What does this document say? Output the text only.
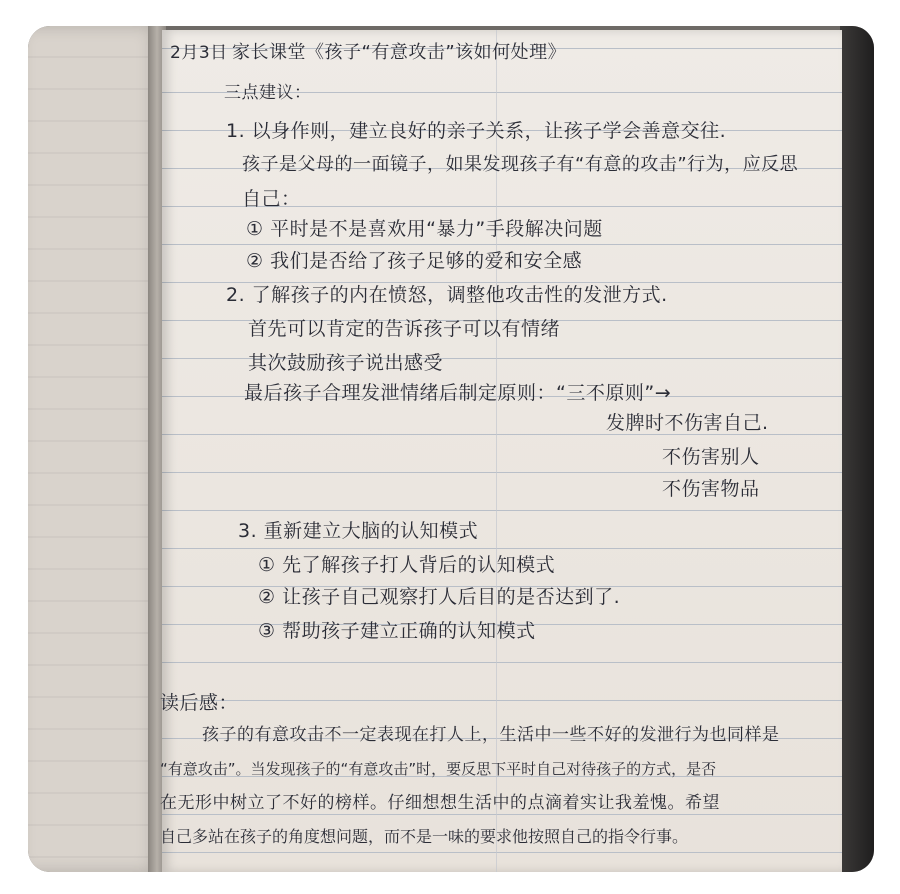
2月3日 家长课堂《孩子“有意攻击”该如何处理》
三点建议：
1. 以身作则，建立良好的亲子关系，让孩子学会善意交往.
孩子是父母的一面镜子，如果发现孩子有“有意的攻击”行为，应反思
自己：
① 平时是不是喜欢用“暴力”手段解决问题
② 我们是否给了孩子足够的爱和安全感
2. 了解孩子的内在愤怒，调整他攻击性的发泄方式.
首先可以肯定的告诉孩子可以有情绪
其次鼓励孩子说出感受
最后孩子合理发泄情绪后制定原则：“三不原则”→
发脾时不伤害自己.
不伤害别人
不伤害物品
3. 重新建立大脑的认知模式
① 先了解孩子打人背后的认知模式
② 让孩子自己观察打人后目的是否达到了.
③ 帮助孩子建立正确的认知模式
读后感：
孩子的有意攻击不一定表现在打人上，生活中一些不好的发泄行为也同样是
“有意攻击”。当发现孩子的“有意攻击”时，要反思下平时自己对待孩子的方式，是否
在无形中树立了不好的榜样。仔细想想生活中的点滴着实让我羞愧。希望
自己多站在孩子的角度想问题，而不是一味的要求他按照自己的指令行事。
